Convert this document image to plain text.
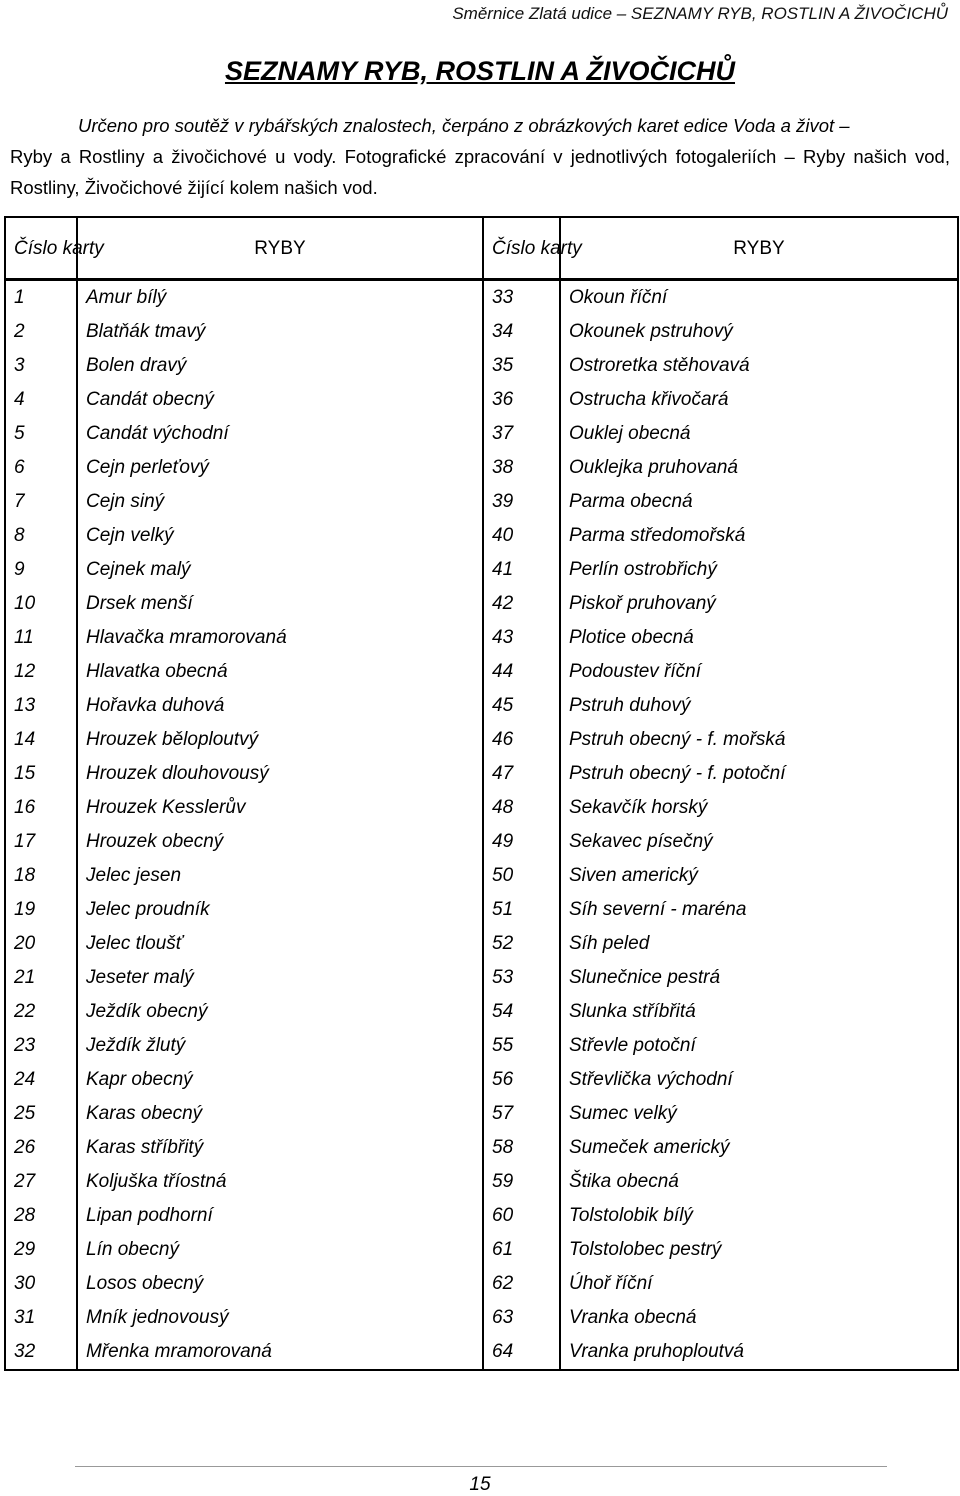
Směrnice Zlatá udice – SEZNAMY RYB, ROSTLIN A ŽIVOČICHŮ
SEZNAMY RYB, ROSTLIN A ŽIVOČICHŮ
Určeno pro soutěž v rybářských znalostech, čerpáno z obrázkových karet edice Voda a život –
Ryby a Rostliny a živočichové u vody. Fotografické zpracování v jednotlivých fotogaleriích – Ryby našich vod, Rostliny, Živočichové žijící kolem našich vod.
Číslo karty	RYBY	Číslo karty	RYBY
1	Amur bílý	33	Okoun říční
2	Blatňák tmavý	34	Okounek pstruhový
3	Bolen dravý	35	Ostroretka stěhovavá
4	Candát obecný	36	Ostrucha křivočará
5	Candát východní	37	Ouklej obecná
6	Cejn perleťový	38	Ouklejka pruhovaná
7	Cejn siný	39	Parma obecná
8	Cejn velký	40	Parma středomořská
9	Cejnek malý	41	Perlín ostrobřichý
10	Drsek menší	42	Piskoř pruhovaný
11	Hlavačka mramorovaná	43	Plotice obecná
12	Hlavatka obecná	44	Podoustev říční
13	Hořavka duhová	45	Pstruh duhový
14	Hrouzek běloploutvý	46	Pstruh obecný - f. mořská
15	Hrouzek dlouhovousý	47	Pstruh obecný - f. potoční
16	Hrouzek Kesslerův	48	Sekavčík horský
17	Hrouzek obecný	49	Sekavec písečný
18	Jelec jesen	50	Siven americký
19	Jelec proudník	51	Síh severní - maréna
20	Jelec tloušť	52	Síh peled
21	Jeseter malý	53	Slunečnice pestrá
22	Ježdík obecný	54	Slunka stříbřitá
23	Ježdík žlutý	55	Střevle potoční
24	Kapr obecný	56	Střevlička východní
25	Karas obecný	57	Sumec velký
26	Karas stříbřitý	58	Sumeček americký
27	Koljuška tříostná	59	Štika obecná
28	Lipan podhorní	60	Tolstolobik bílý
29	Lín obecný	61	Tolstolobec pestrý
30	Losos obecný	62	Úhoř říční
31	Mník jednovousý	63	Vranka obecná
32	Mřenka mramorovaná	64	Vranka pruhoploutvá
15
